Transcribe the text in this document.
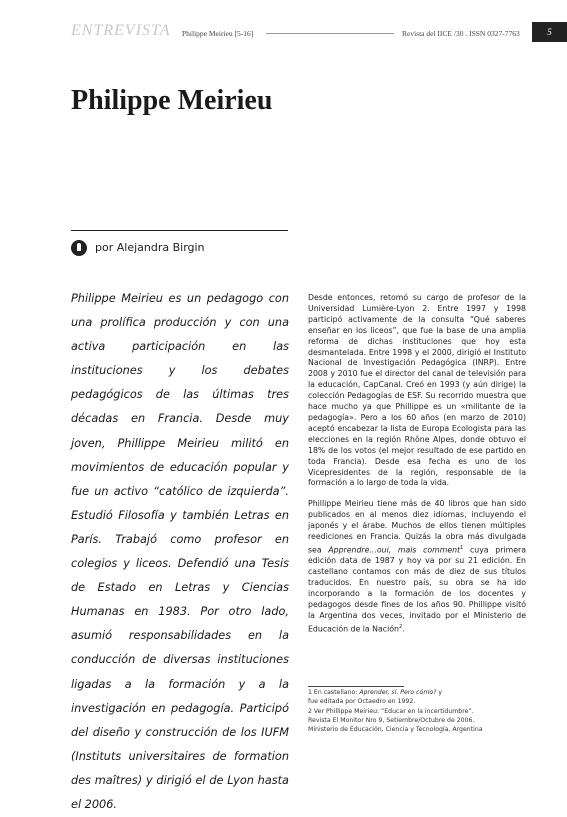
ENTREVISTA Philippe Meirieu [5-16]	Revista del IICE /30 . ISSN 0327-7763	5
Philippe Meirieu
por Alejandra Birgin

Philippe Meirieu es un pedagogo con una prolífica producción y con una activa participación en las instituciones y los debates pedagógicos de las últimas tres décadas en Francia. Desde muy joven, Phillippe Meirieu militó en movimientos de educación popular y fue un activo “católico de izquierda”. Estudió Filosofía y también Letras en París. Trabajó como profesor en colegios y liceos. Defendió una Tesis de Estado en Letras y Ciencias Humanas en 1983. Por otro lado, asumió responsabilidades en la conducción de diversas instituciones ligadas a la formación y a la investigación en pedagogía. Participó del diseño y construcción de los IUFM (Instituts universitaires de formation des maîtres) y dirigió el de Lyon hasta el 2006.

Desde entonces, retomó su cargo de profesor de la Universidad Lumière-Lyon 2. Entre 1997 y 1998 participó activamente de la consulta “Qué saberes enseñar en los liceos”, que fue la base de una amplia reforma de dichas instituciones que hoy esta desmantelada. Entre 1998 y el 2000, dirigió el Instituto Nacional de Investigación Pedagógica (INRP). Entre 2008 y 2010 fue el director del canal de televisión para la educación, CapCanal. Creó en 1993 (y aún dirige) la colección Pedagogías de ESF. Su recorrido muestra que hace mucho ya que Phillippe es un «militante de la pedagogía». Pero a los 60 años (en marzo de 2010) aceptó encabezar la lista de Europa Ecologista para las elecciones en la región Rhône Alpes, donde obtuvo el 18% de los votos (el mejor resultado de ese partido en toda Francia). Desde esa fecha es uno de los Vicepresidentes de la región, responsable de la formación a lo largo de toda la vida.

Phillippe Meirieu tiene más de 40 libros que han sido publicados en al menos diez idiomas, incluyendo el japonés y el árabe. Muchos de ellos tienen múltiples reediciones en Francia. Quizás la obra más divulgada sea Apprendre...oui, mais comment$^1$ cuya primera edición data de 1987 y hoy va por su 21 edición. En castellano contamos con más de diez de sus títulos traducidos. En nuestro país, su obra se ha ido incorporando a la formación de los docentes y pedagogos desde fines de los años 90. Phillippe visitó la Argentina dos veces, invitado por el Ministerio de Educación de la Nación$^2$.

1 En castellano: Aprender, sí. Pero cómo? y
fue editada por Octaedro en 1992.
2 Ver Phillippe Meirieu: “Educar en la incertidumbre”.
Revista El Monitor Nro 9, Setiembre/Octubre de 2006.
Ministerio de Educación, Ciencia y Tecnología, Argentina
